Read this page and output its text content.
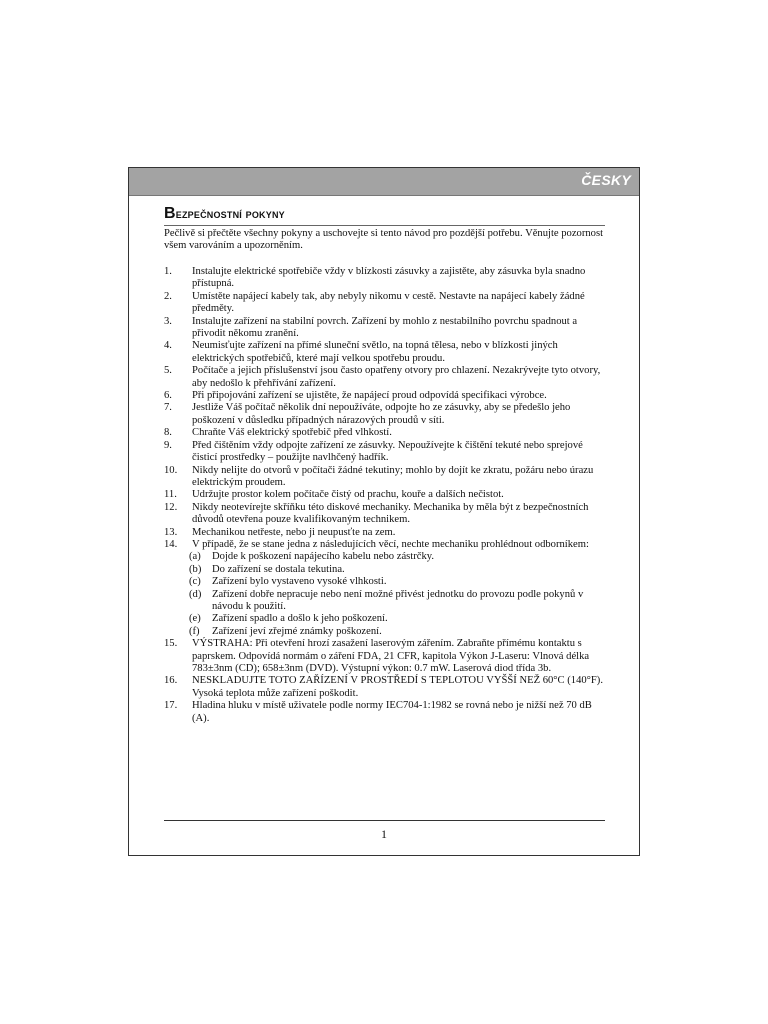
ČESKY
Bezpečnostní pokyny

Pečlivě si přečtěte všechny pokyny a uschovejte si tento návod pro pozdější potřebu. Věnujte pozornost všem varováním a upozorněním.

1. Instalujte elektrické spotřebiče vždy v blízkosti zásuvky a zajistěte, aby zásuvka byla snadno přístupná.
2. Umístěte napájecí kabely tak, aby nebyly nikomu v cestě. Nestavte na napájecí kabely žádné předměty.
3. Instalujte zařízení na stabilní povrch. Zařízení by mohlo z nestabilního povrchu spadnout a přivodit někomu zranění.
4. Neumisťujte zařízení na přímé sluneční světlo, na topná tělesa, nebo v blízkosti jiných elektrických spotřebičů, které mají velkou spotřebu proudu.
5. Počítače a jejich příslušenství jsou často opatřeny otvory pro chlazení. Nezakrývejte tyto otvory, aby nedošlo k přehřívání zařízení.
6. Při připojování zařízení se ujistěte, že napájecí proud odpovídá specifikaci výrobce.
7. Jestliže Váš počítač několik dní nepoužíváte, odpojte ho ze zásuvky, aby se předešlo jeho poškození v důsledku případných nárazových proudů v síti.
8. Chraňte Váš elektrický spotřebič před vlhkostí.
9. Před čištěním vždy odpojte zařízení ze zásuvky. Nepoužívejte k čištění tekuté nebo sprejové čisticí prostředky – použijte navlhčený hadřík.
10. Nikdy nelijte do otvorů v počítači žádné tekutiny; mohlo by dojít ke zkratu, požáru nebo úrazu elektrickým proudem.
11. Udržujte prostor kolem počítače čistý od prachu, kouře a dalších nečistot.
12. Nikdy neotevírejte skříňku této diskové mechaniky. Mechanika by měla být z bezpečnostních důvodů otevřena pouze kvalifikovaným technikem.
13. Mechanikou netřeste, nebo ji neupusťte na zem.
14. V případě, že se stane jedna z následujících věcí, nechte mechaniku prohlédnout odborníkem:
(a) Dojde k poškození napájecího kabelu nebo zástrčky.
(b) Do zařízení se dostala tekutina.
(c) Zařízení bylo vystaveno vysoké vlhkosti.
(d) Zařízení dobře nepracuje nebo není možné přivést jednotku do provozu podle pokynů v návodu k použití.
(e) Zařízení spadlo a došlo k jeho poškození.
(f) Zařízení jeví zřejmé známky poškození.
15. VÝSTRAHA: Při otevření hrozí zasažení laserovým zářením. Zabraňte přímému kontaktu s paprskem. Odpovídá normám o záření FDA, 21 CFR, kapitola Výkon J-Laseru: Vlnová délka 783±3nm (CD); 658±3nm (DVD). Výstupní výkon: 0.7 mW. Laserová diod třída 3b.
16. NESKLADUJTE TOTO ZAŘÍZENÍ V PROSTŘEDÍ S TEPLOTOU VYŠŠÍ NEŽ 60°C (140°F). Vysoká teplota může zařízení poškodit.
17. Hladina hluku v místě uživatele podle normy IEC704-1:1982 se rovná nebo je nižší než 70 dB (A).
1
